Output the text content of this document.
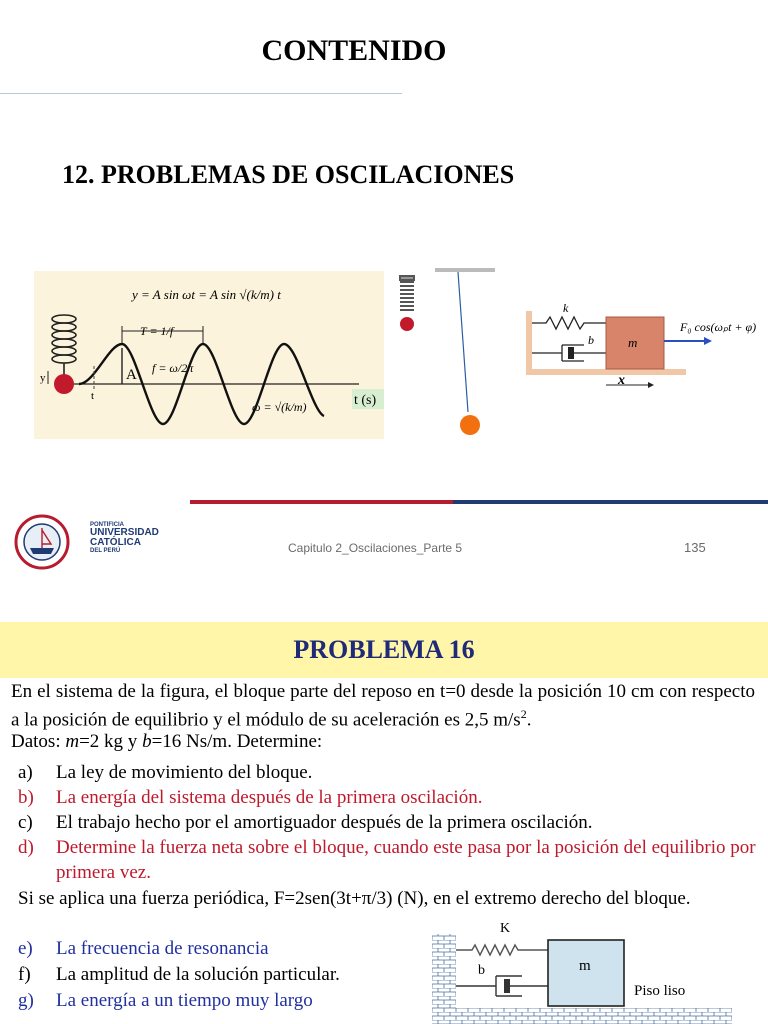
CONTENIDO
12. PROBLEMAS DE OSCILACIONES
y
t
T = 1/f
A
y = A sin ωt = A sin √(k/m) t
f = ω/2π
ω = √(k/m)	t (s)
k
b	m
F₀ cos(ωₚt + φ)
x
PONTIFICIA
UNIVERSIDAD
CATÓLICA
DEL PERÚ	Capitulo 2_Oscilaciones_Parte 5	135
PROBLEMA 16
En el sistema de la figura, el bloque parte del reposo en t=0 desde la posición 10 cm con respecto a la posición de equilibrio y el módulo de su aceleración es 2,5 $m/s^2$.
Datos: m=2 kg y b=16 Ns/m. Determine:
a)	La ley de movimiento del bloque.
b)	La energía del sistema después de la primera oscilación.
c)	El trabajo hecho por el amortiguador después de la primera oscilación.
d)	Determine la fuerza neta sobre el bloque, cuando este pasa por la posición del equilibrio por primera vez.
Si se aplica una fuerza periódica, F=2sen(3t+π/3) (N), en el extremo derecho del bloque.
e)	La frecuencia de resonancia
f)	La amplitud de la solución particular.
g)	La energía a un tiempo muy largo
K
b	m
Piso liso
